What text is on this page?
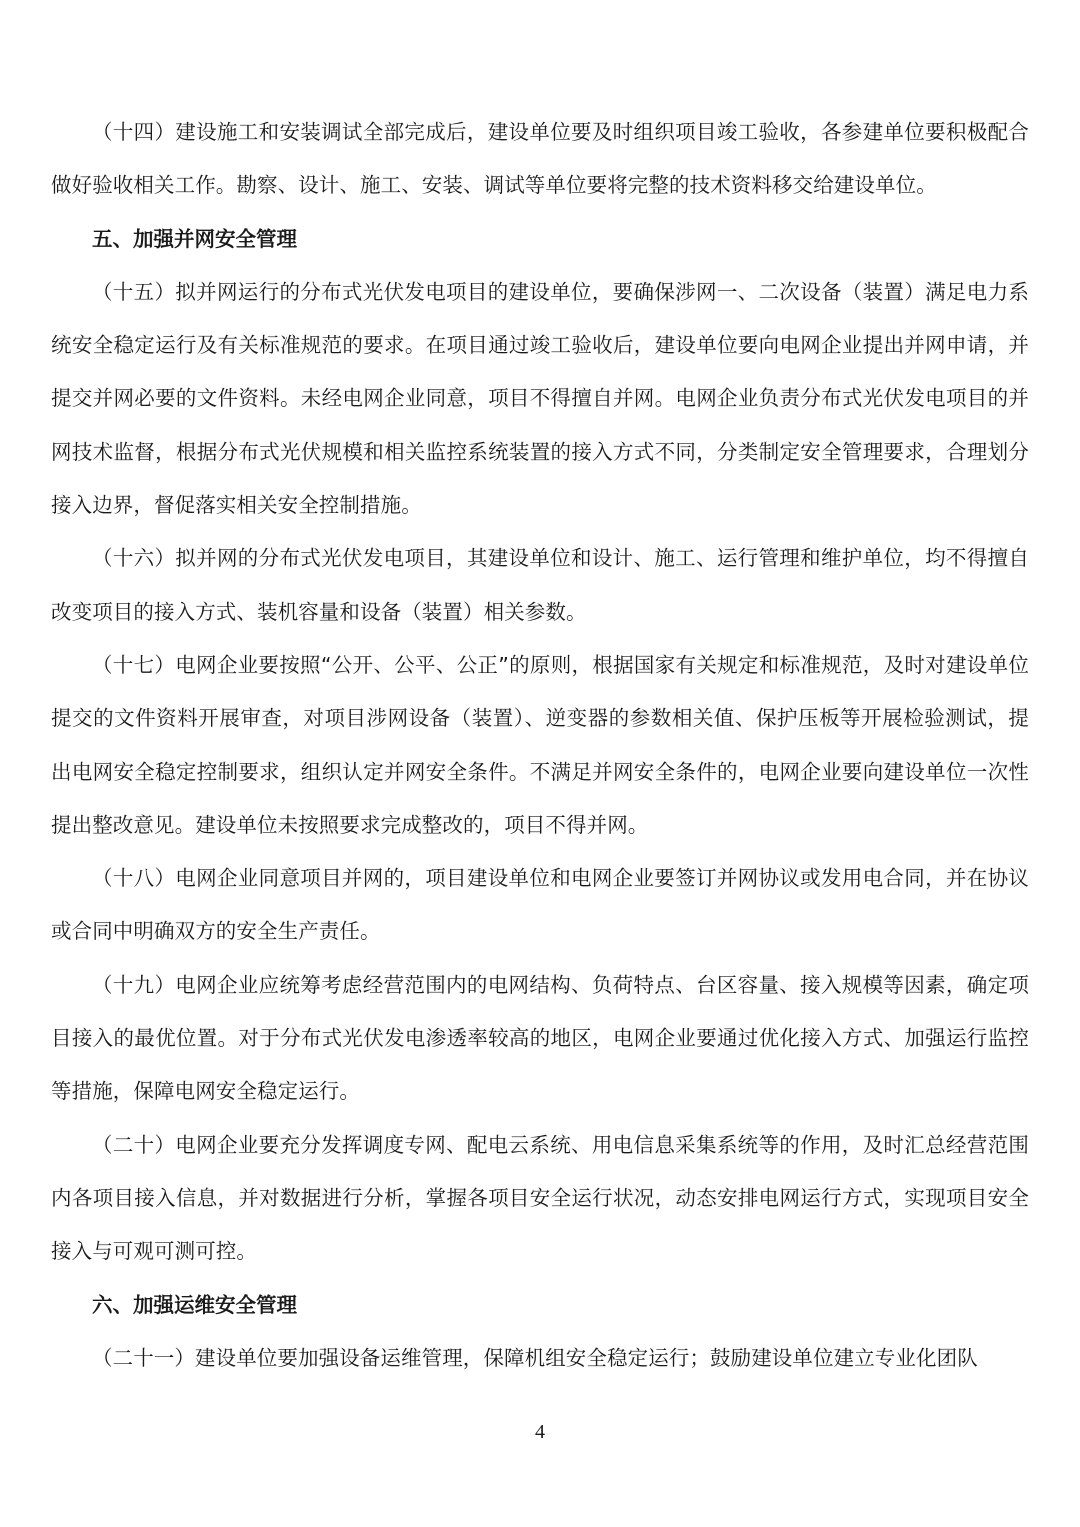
（十四）建设施工和安装调试全部完成后，建设单位要及时组织项目竣工验收，各参建单位要积极配合做好验收相关工作。勘察、设计、施工、安装、调试等单位要将完整的技术资料移交给建设单位。

五、加强并网安全管理

（十五）拟并网运行的分布式光伏发电项目的建设单位，要确保涉网一、二次设备（装置）满足电力系统安全稳定运行及有关标准规范的要求。在项目通过竣工验收后，建设单位要向电网企业提出并网申请，并提交并网必要的文件资料。未经电网企业同意，项目不得擅自并网。电网企业负责分布式光伏发电项目的并网技术监督，根据分布式光伏规模和相关监控系统装置的接入方式不同，分类制定安全管理要求，合理划分接入边界，督促落实相关安全控制措施。

（十六）拟并网的分布式光伏发电项目，其建设单位和设计、施工、运行管理和维护单位，均不得擅自改变项目的接入方式、装机容量和设备（装置）相关参数。

（十七）电网企业要按照“公开、公平、公正”的原则，根据国家有关规定和标准规范，及时对建设单位提交的文件资料开展审查，对项目涉网设备（装置）、逆变器的参数相关值、保护压板等开展检验测试，提出电网安全稳定控制要求，组织认定并网安全条件。不满足并网安全条件的，电网企业要向建设单位一次性提出整改意见。建设单位未按照要求完成整改的，项目不得并网。

（十八）电网企业同意项目并网的，项目建设单位和电网企业要签订并网协议或发用电合同，并在协议或合同中明确双方的安全生产责任。

（十九）电网企业应统筹考虑经营范围内的电网结构、负荷特点、台区容量、接入规模等因素，确定项目接入的最优位置。对于分布式光伏发电渗透率较高的地区，电网企业要通过优化接入方式、加强运行监控等措施，保障电网安全稳定运行。

（二十）电网企业要充分发挥调度专网、配电云系统、用电信息采集系统等的作用，及时汇总经营范围内各项目接入信息，并对数据进行分析，掌握各项目安全运行状况，动态安排电网运行方式，实现项目安全接入与可观可测可控。

六、加强运维安全管理

（二十一）建设单位要加强设备运维管理，保障机组安全稳定运行；鼓励建设单位建立专业化团队

4
